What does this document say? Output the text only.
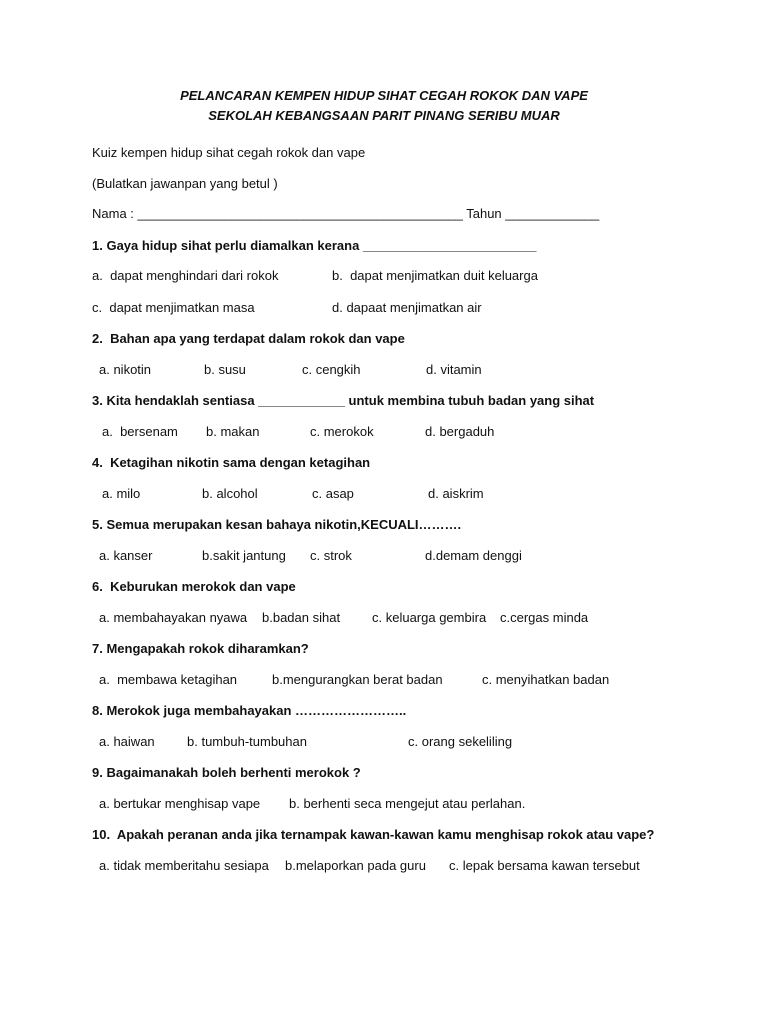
PELANCARAN KEMPEN HIDUP SIHAT CEGAH ROKOK DAN VAPE
SEKOLAH KEBANGSAAN PARIT PINANG SERIBU MUAR
Kuiz kempen hidup sihat cegah rokok dan vape
(Bulatkan jawanpan yang betul )
Nama : _____________________________________________ Tahun _____________
1. Gaya hidup sihat perlu diamalkan kerana ________________________
a.  dapat menghindari dari rokok	b.  dapat menjimatkan duit keluarga
c.  dapat menjimatkan masa	d. dapaat menjimatkan air
2.  Bahan apa yang terdapat dalam rokok dan vape
a. nikotin	b. susu	c. cengkih	d. vitamin
3. Kita hendaklah sentiasa ____________ untuk membina tubuh badan yang sihat
a.  bersenam b. makan	c. merokok	d. bergaduh
4.  Ketagihan nikotin sama dengan ketagihan
a. milo	b. alcohol	c. asap	d. aiskrim
5. Semua merupakan kesan bahaya nikotin,KECUALI……….
a. kanser	b.sakit jantung c. strok	d.demam denggi
6.  Keburukan merokok dan vape
a. membahayakan nyawa b.badan sihat c. keluarga gembira c.cergas minda
7. Mengapakah rokok diharamkan?
a.  membawa ketagihan	b.mengurangkan berat badan	c. menyihatkan badan
8. Merokok juga membahayakan ……………………..
a. haiwan b. tumbuh-tumbuhan	c. orang sekeliling
9. Bagaimanakah boleh berhenti merokok ?
a. bertukar menghisap vape b. berhenti seca mengejut atau perlahan.
10.  Apakah peranan anda jika ternampak kawan-kawan kamu menghisap rokok atau vape?
a. tidak memberitahu sesiapa b.melaporkan pada guru c. lepak bersama kawan tersebut
